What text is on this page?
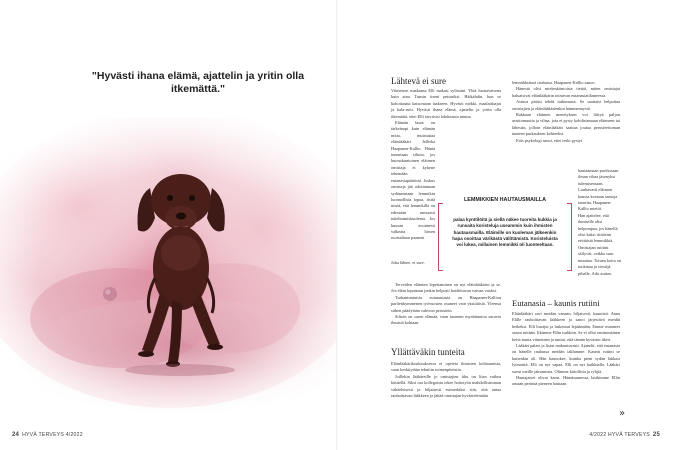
"Hyvästi ihana elämä, ajattelin ja yritin olla itkemättä."
24 HYVÄ TERVEYS 4/2022
Lähtevä ei sure

Viimeisen matkansa Elli makasi sylissäni. Yhtä luottavaisena kuin aina. Tunsin itseni petturiksi. Häikähdin, kun se kohottautui katsomaan taakseen. Hyvästi mökki, maalaishajut ja kala-astit. Hyvästi ihana elämä, ajattelin ja yritin olla itkemättä, ettei Elli tarvitsisi lohdutusta minua.

Elämän lauta on tärkeämpi kuin elämän mitta, muistuttaa eläinlääkäri Jelliska Haapanen-Kallio. Häntä tunnetaan siltoin, jos huonokuntoinen eläimen omistaja ei kykene tekemään eutanasiapäätöstä. Joskus omistaja jää odottamaan sydämentaan lemmikin luonnollista lopua, itsitä mistä, että lemmikillä on edessään runsaasti tukehtumiskuolema. Jos huusan avoimesti valkeata hirsen ruotsaltaan paaneni

Joka lähtee, ei sure.

Terveiden eläinten lopettaminen on nyt eläinlääkärin ja se. Jos eläin loputtaan jonkin helposti hoidettavan vaivan vuoksi.

Turhantuntuista eutanasiasta on Haapanen-Kallion parilenkymmenen työvuosien osuneet vain yksittäisiä. Yleensä siihen päädytään vahvoin perustein.

Siltoin on suren elämää, vaan tuonnen myötätuntoa suruvia ihmisiä kohtaan.

Yllättäväkin tunteita

Eläinlääkärikoulutuksessa ei opeteta ihmisten kohtaamista, vaan keskitytään tekniiin toimenpiteisiin.

Joillekin lääkäreille jo omistajien itku on liian vaikea käsitellä. Siksi osa kollegoista tekee hoitotyön mahdollisimman vähäeleisesti ja hiljaisesti esimerkiksi siin, että antaa rauhoittavan lääkkeen ja jättää omistajan hyvästelemään

lemmikkiänsä rauhassa. Haapanen-Kallio sanoo.

Hänestä olisi mielenkiintoista tietää, miten omistajat haluaisivat eläinlääkärin toimivan eutanasiatilanteessa.

Astuva pitäisi tehdä tutkimusta. Se saattaisi helpottaa omistajien ja eläinlääkärienkin hämmennystä.

Rakkaan eläimen menetyksen voi liittyä paljon avuttomuutta ja vihaa, jota ei pysty kohdistamaan eläimeen tai lähestin, jolloin eläinlääkäri saattaa joutua perusteettoman tunteen purkauksen kohteeksi.

Eräs psykologi sanoi, ettei teski pystyt

hautaamaan purihosaan ilman vihaa jäsenyksi tulemisensaan. Luultavasti eläimen kanssa koetaan samoja tunteita, Haapanen-Kallio miettii.

Hän ajattelee, että ihmiselle olisi helpompaa, jos hänellä olisi kaksi riittävän erittäistä lemmikkiä.

Omistajan ruttinit säilyvät, vaikka suru muuttaa. Totuen koira on tuokinaa ja viestijä pihalle. Arki auttaa.

LEMMIKKIEN HAUTAUSMAILLA
palaa kynttilöitä ja siellä näkee tuoreita kukkia ja runsaita koristeluja useammin kuin ihmisten hautausmailla. Eläimille on kuoleman jälkeenkin hapa osoittaa värikästä välittämistä. Koristeluista voi lukea, millainen lemmikki oli luonteeltaan.
Eutanasia – kaunis rutiini

Eläinlääkäri oori meidän vanaan, hiljaisesti, kauniisti. Anna Elille rauhoittavan lääkkeen ja sanoi järjestävä meidät hetkeksi. Elli huotjui ja laskeutui lepäämään. Emme osanneet sanoa mitään. Itkimme Ellin turkkiin. Se ei ollut ensimmäinen kerta mutta viimeinen ja tuntui, että tämän hyvästin itkeä.

Lääkäri palasi ja lisäsi makuutuvasti. Ajanelit, että eutanasia on hänelle rauhassa meidän taklamme: Kaunis ruttini se kuitenkin oli. Hän kaunokee, kuinka pieni sydän lakkasi lyömästä. Elli on nyt vapaa. Elli on nyt kaikkialla. Lääkäri suvui meille jaksamista. Olimme kiitollisia ja ryhjiä.

Hautajaiset olivat karut. Hämäsaunessa lasikimme Ellin omaan perinnä pieneen hautaan.

»
4/2022 HYVÄ TERVEYS 25
